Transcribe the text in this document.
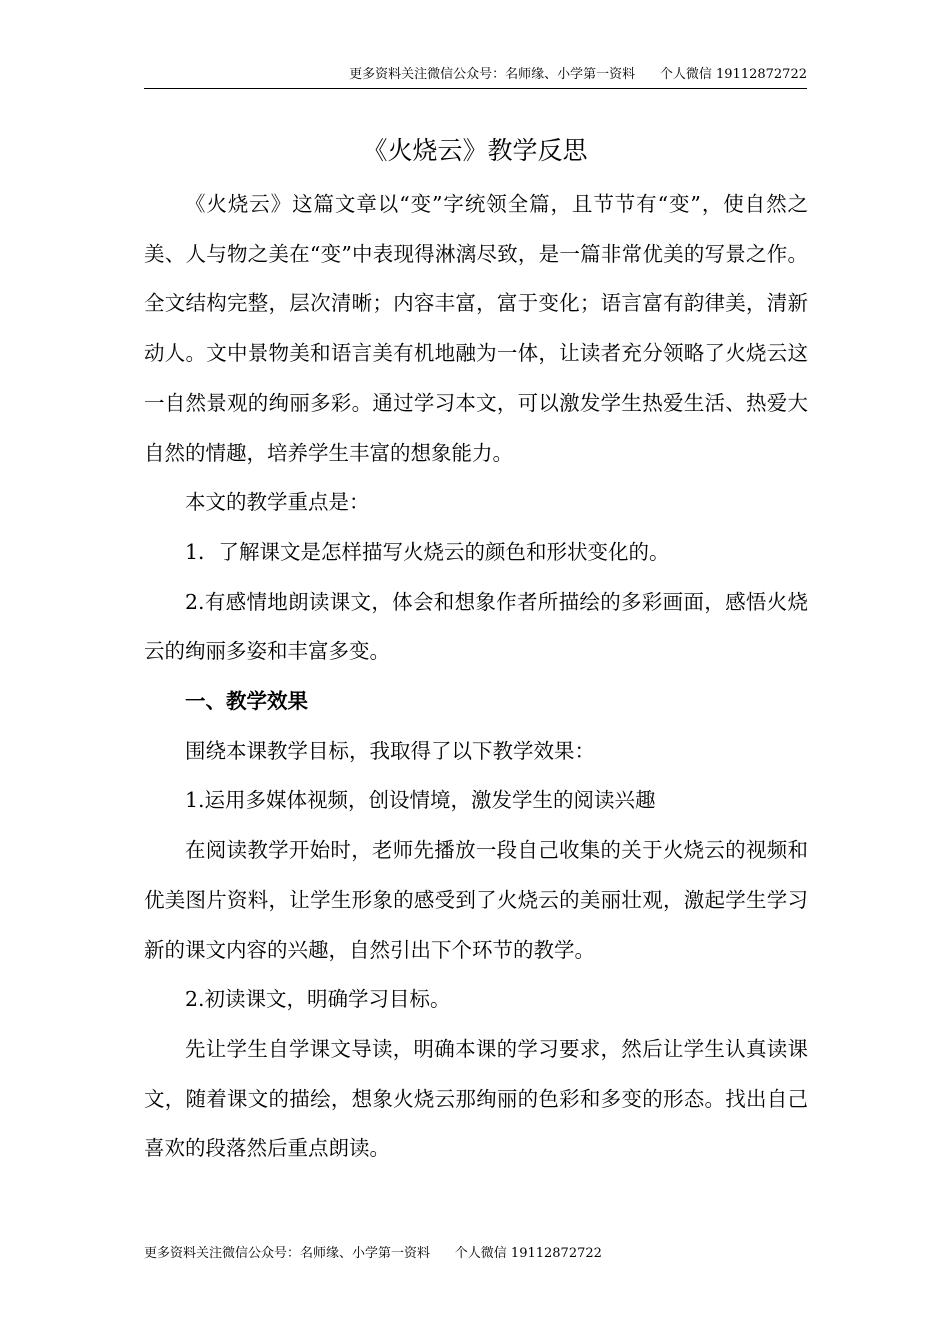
更多资料关注微信公众号：名师缘、小学第一资料      个人微信 19112872722
《火烧云》教学反思

《火烧云》这篇文章以“变”字统领全篇，且节节有“变”，使自然之美、人与物之美在“变”中表现得淋漓尽致，是一篇非常优美的写景之作。全文结构完整，层次清晰；内容丰富，富于变化；语言富有韵律美，清新动人。文中景物美和语言美有机地融为一体，让读者充分领略了火烧云这一自然景观的绚丽多彩。通过学习本文，可以激发学生热爱生活、热爱大自然的情趣，培养学生丰富的想象能力。

本文的教学重点是：

1．了解课文是怎样描写火烧云的颜色和形状变化的。

2.有感情地朗读课文，体会和想象作者所描绘的多彩画面，感悟火烧云的绚丽多姿和丰富多变。

一、教学效果

围绕本课教学目标，我取得了以下教学效果：

1.运用多媒体视频，创设情境，激发学生的阅读兴趣

在阅读教学开始时，老师先播放一段自己收集的关于火烧云的视频和优美图片资料，让学生形象的感受到了火烧云的美丽壮观，激起学生学习新的课文内容的兴趣，自然引出下个环节的教学。

2.初读课文，明确学习目标。

先让学生自学课文导读，明确本课的学习要求，然后让学生认真读课文，随着课文的描绘，想象火烧云那绚丽的色彩和多变的形态。找出自己喜欢的段落然后重点朗读。

更多资料关注微信公众号：名师缘、小学第一资料      个人微信 19112872722
